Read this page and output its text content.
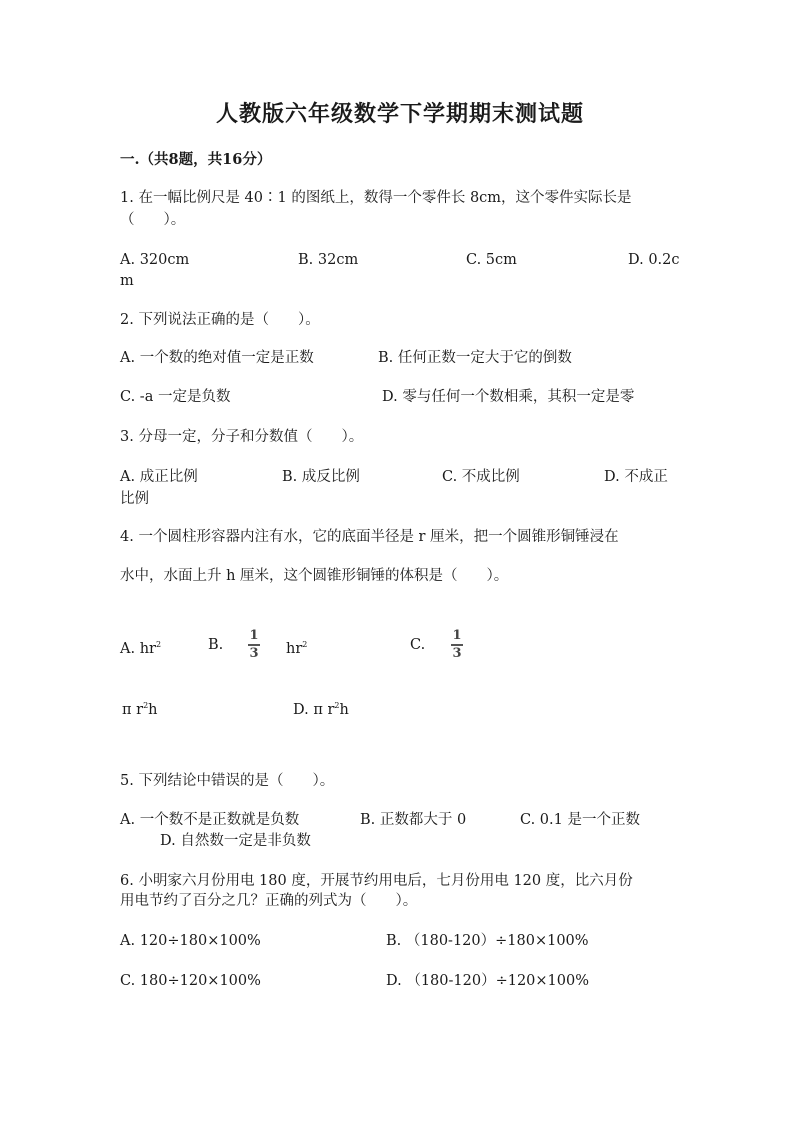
人教版六年级数学下学期期末测试题
一.（共8题，共16分）
1. 在一幅比例尺是 40∶1 的图纸上，数得一个零件长 8cm，这个零件实际长是
（　　）。
A. 320cm	B. 32cm	C. 5cm	D. 0.2c
m
2. 下列说法正确的是（　　）。
A. 一个数的绝对值一定是正数	B. 任何正数一定大于它的倒数
C. -a 一定是负数	D. 零与任何一个数相乘，其积一定是零
3. 分母一定，分子和分数值（　　）。
A. 成正比例	B. 成反比例	C. 不成比例	D. 不成正
比例
4. 一个圆柱形容器内注有水，它的底面半径是 r 厘米，把一个圆锥形铜锤浸在
水中，水面上升 h 厘米，这个圆锥形铜锤的体积是（　　）。
A. $hr^2$	B.
1
3 $hr^2$	C.
1
3
π $r^2h$	D. π $r^2h$
5. 下列结论中错误的是（　　）。
A. 一个数不是正数就是负数	B. 正数都大于 0	C. 0.1 是一个正数
D. 自然数一定是非负数
6. 小明家六月份用电 180 度，开展节约用电后，七月份用电 120 度，比六月份
用电节约了百分之几？正确的列式为（　　）。
A. 120÷180×100%	B. （180-120）÷180×100%
C. 180÷120×100%	D. （180-120）÷120×100%
